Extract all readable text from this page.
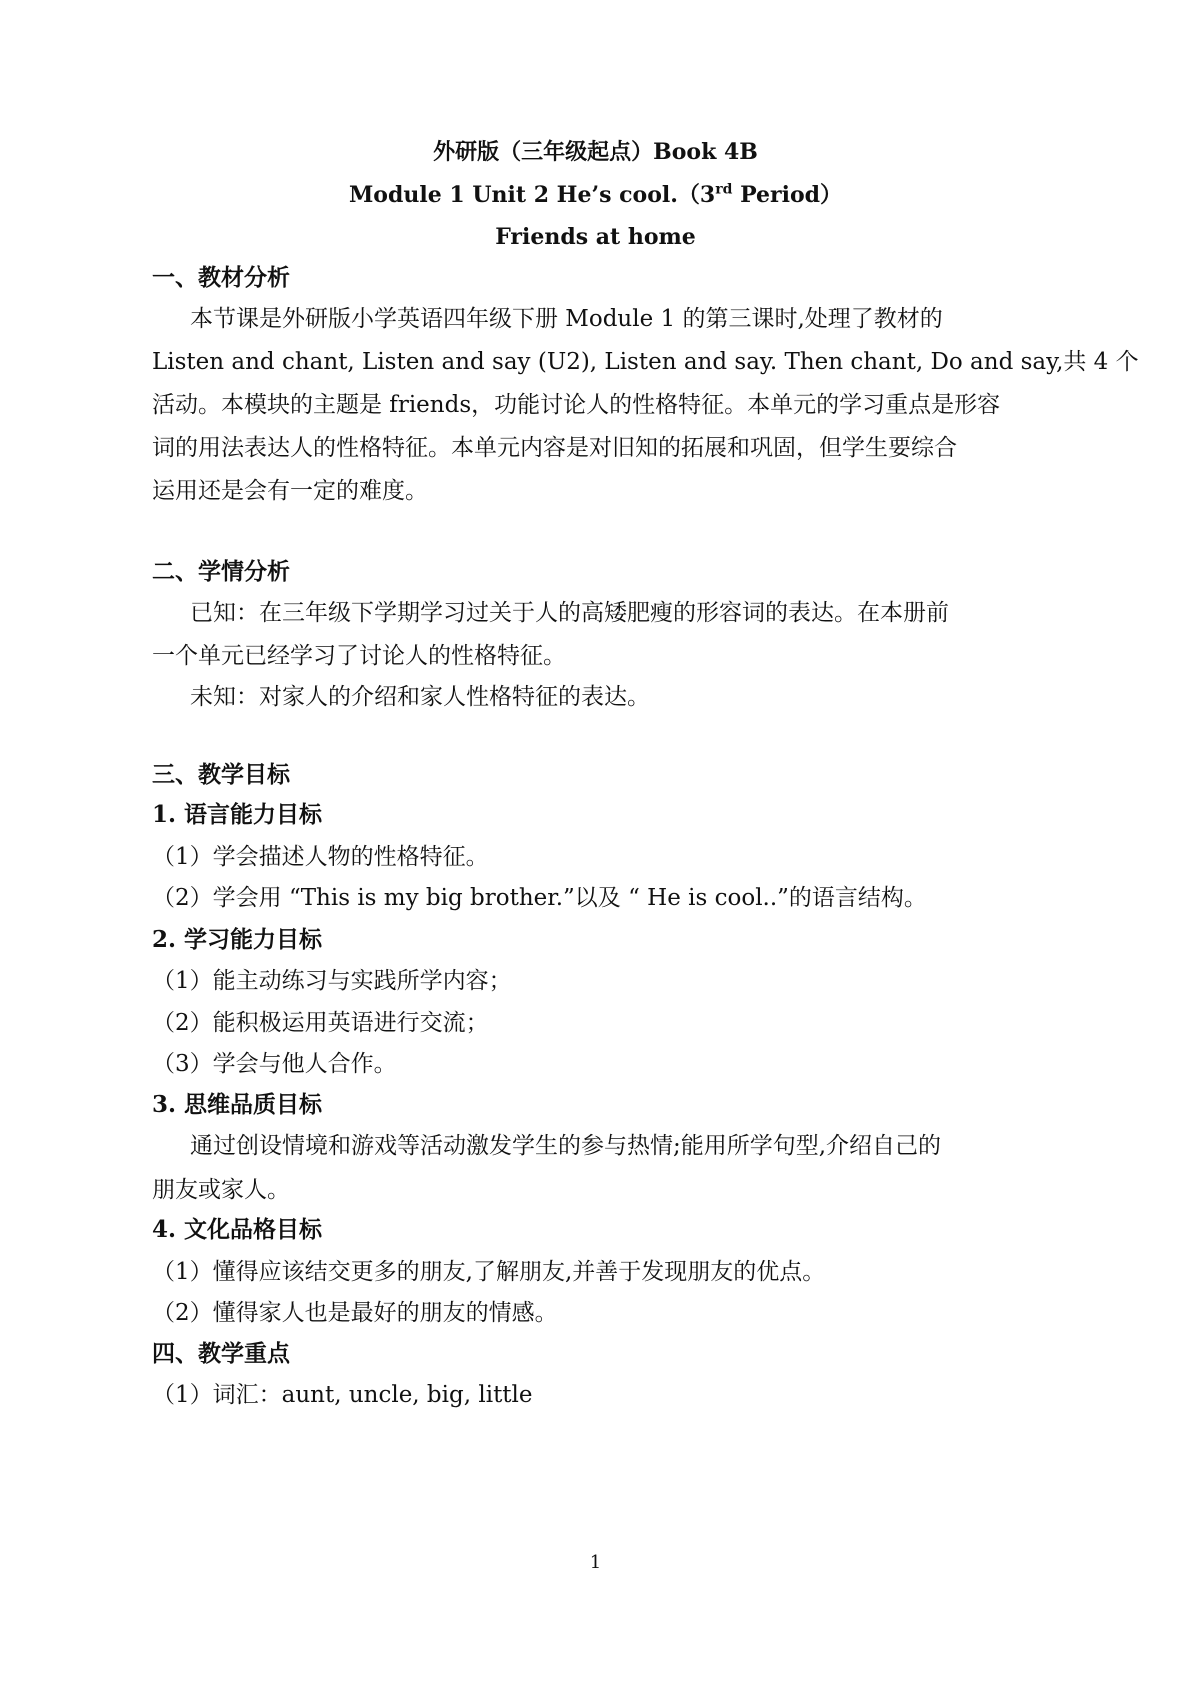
外研版（三年级起点）Book 4B
Module 1 Unit 2 He’s cool.（3rd Period）
Friends at home
一、教材分析
本节课是外研版小学英语四年级下册 Module 1 的第三课时,处理了教材的
Listen and chant, Listen and say (U2), Listen and say. Then chant, Do and say,共 4 个
活动。本模块的主题是 friends，功能讨论人的性格特征。本单元的学习重点是形容
词的用法表达人的性格特征。本单元内容是对旧知的拓展和巩固，但学生要综合
运用还是会有一定的难度。
二、学情分析
已知：在三年级下学期学习过关于人的高矮肥瘦的形容词的表达。在本册前
一个单元已经学习了讨论人的性格特征。
未知：对家人的介绍和家人性格特征的表达。
三、教学目标
1. 语言能力目标
（1）学会描述人物的性格特征。
（2）学会用 “This is my big brother.”以及 “ He is cool..”的语言结构。
2. 学习能力目标
（1）能主动练习与实践所学内容；
（2）能积极运用英语进行交流；
（3）学会与他人合作。
3. 思维品质目标
通过创设情境和游戏等活动激发学生的参与热情;能用所学句型,介绍自己的
朋友或家人。
4. 文化品格目标
（1）懂得应该结交更多的朋友,了解朋友,并善于发现朋友的优点。
（2）懂得家人也是最好的朋友的情感。
四、教学重点
（1）词汇：aunt, uncle, big, little
1
